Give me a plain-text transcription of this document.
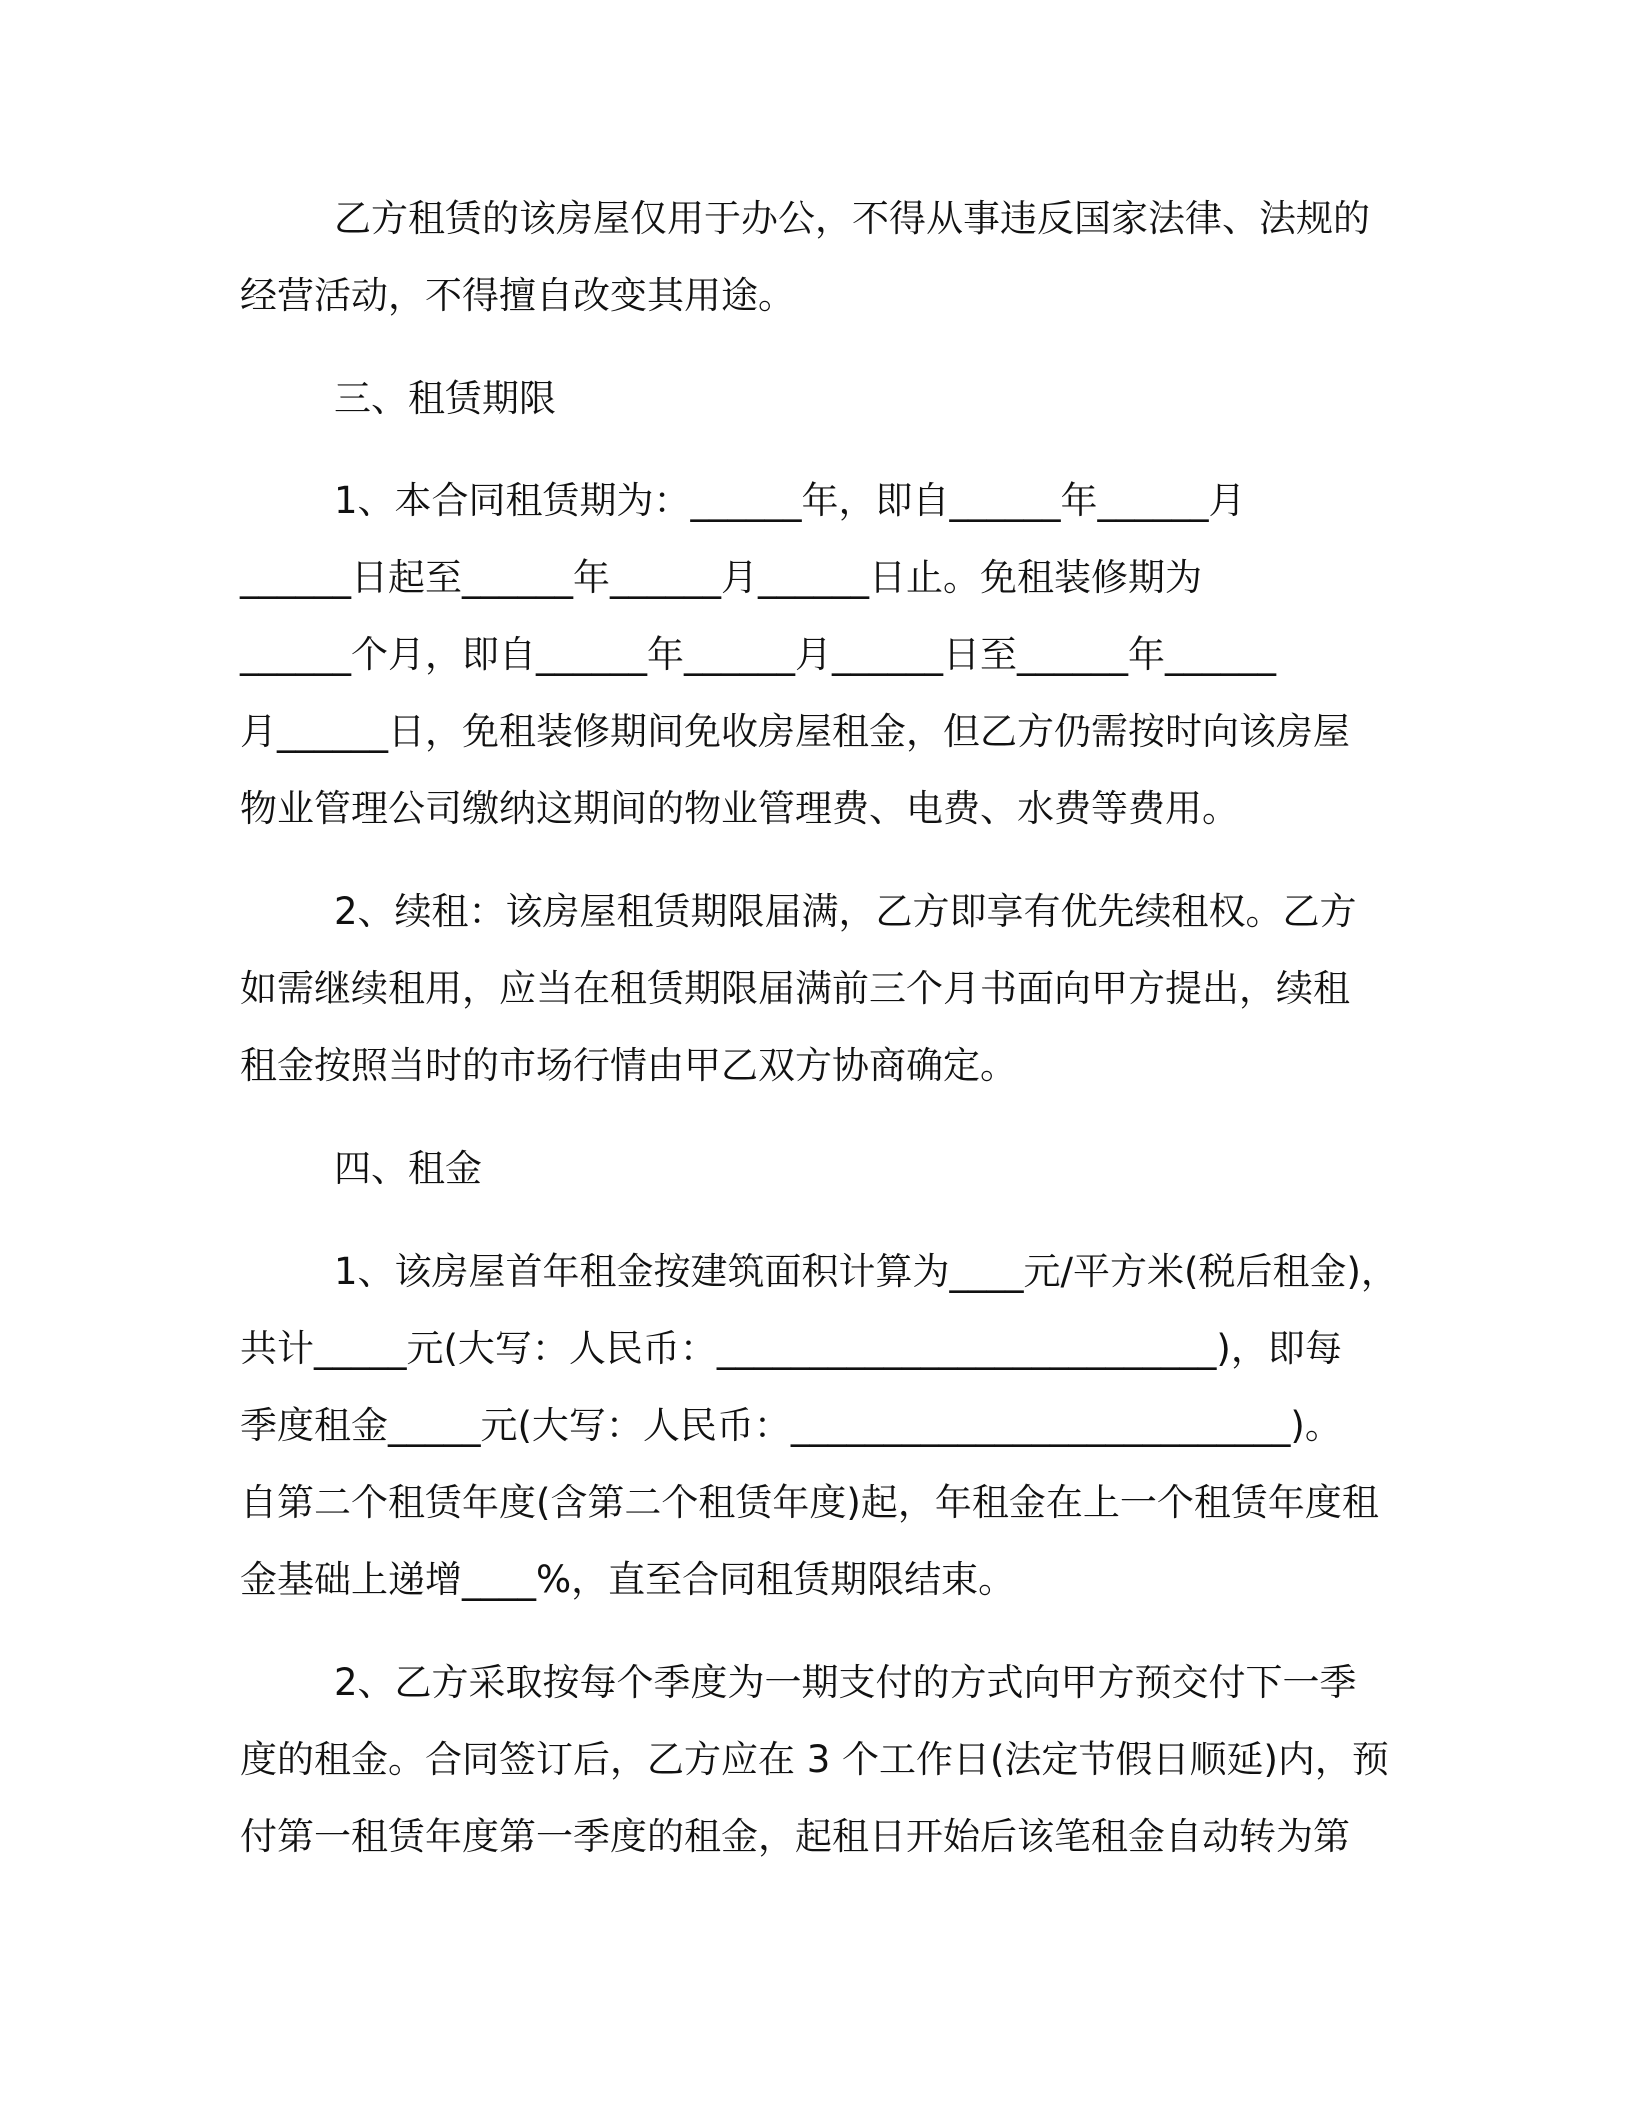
乙方租赁的该房屋仅用于办公，不得从事违反国家法律、法规的

经营活动，不得擅自改变其用途。

三、租赁期限

1、本合同租赁期为：______年，即自______年______月

______日起至______年______月______日止。免租装修期为

______个月，即自______年______月______日至______年______

月______日，免租装修期间免收房屋租金，但乙方仍需按时向该房屋

物业管理公司缴纳这期间的物业管理费、电费、水费等费用。

2、续租：该房屋租赁期限届满，乙方即享有优先续租权。乙方

如需继续租用，应当在租赁期限届满前三个月书面向甲方提出，续租

租金按照当时的市场行情由甲乙双方协商确定。

四、租金

1、该房屋首年租金按建筑面积计算为____元/平方米(税后租金)，

共计_____元(大写：人民币：___________________________)，即每

季度租金_____元(大写：人民币：___________________________)。

自第二个租赁年度(含第二个租赁年度)起，年租金在上一个租赁年度租

金基础上递增____%，直至合同租赁期限结束。

2、乙方采取按每个季度为一期支付的方式向甲方预交付下一季

度的租金。合同签订后，乙方应在 3 个工作日(法定节假日顺延)内，预

付第一租赁年度第一季度的租金，起租日开始后该笔租金自动转为第
